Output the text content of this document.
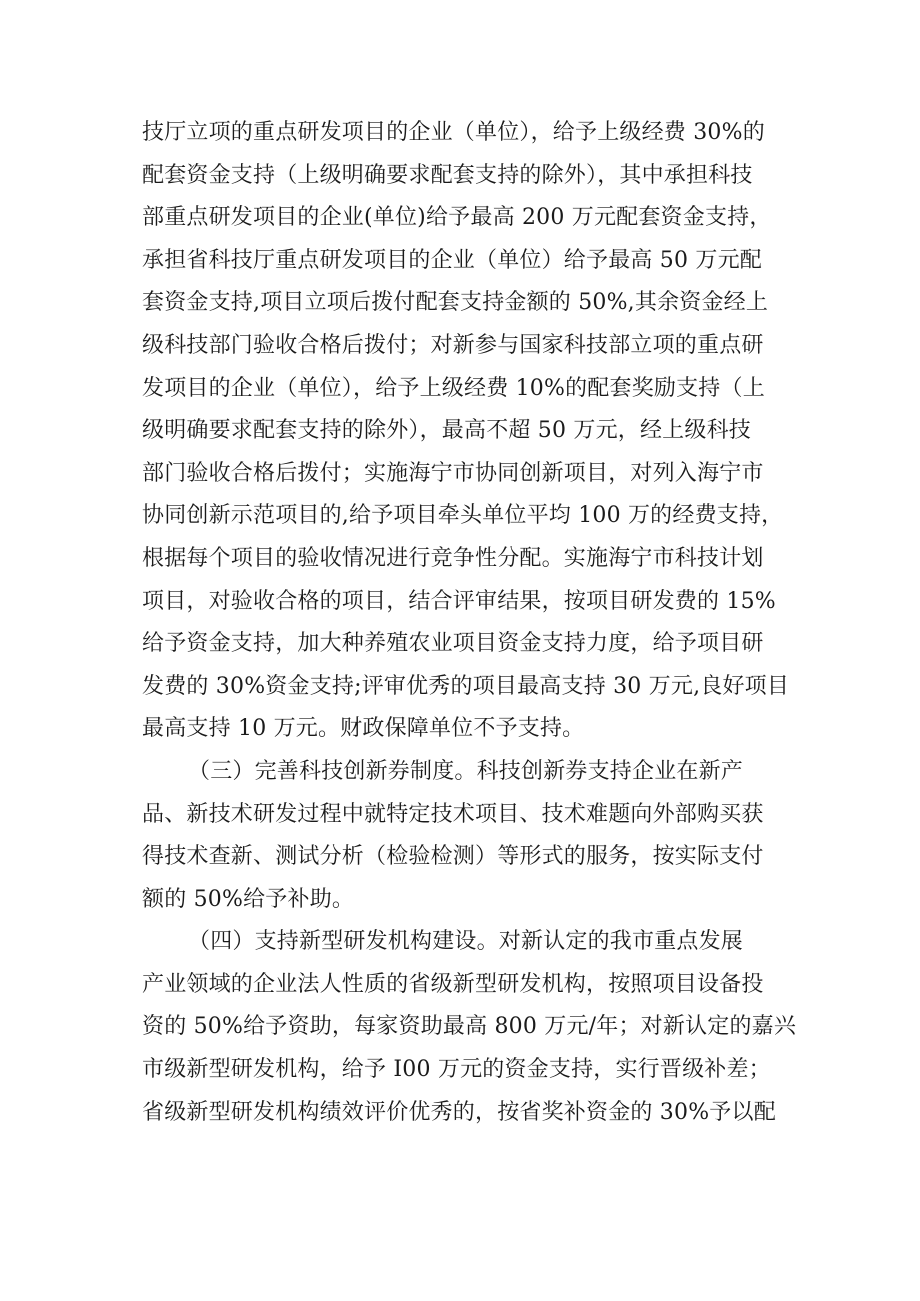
技厅立项的重点研发项目的企业（单位），给予上级经费 30%的
配套资金支持（上级明确要求配套支持的除外），其中承担科技
部重点研发项目的企业(单位)给予最高 200 万元配套资金支持，
承担省科技厅重点研发项目的企业（单位）给予最高 50 万元配
套资金支持,项目立项后拨付配套支持金额的 50%,其余资金经上
级科技部门验收合格后拨付；对新参与国家科技部立项的重点研
发项目的企业（单位），给予上级经费 10%的配套奖励支持（上
级明确要求配套支持的除外），最高不超 50 万元，经上级科技
部门验收合格后拨付；实施海宁市协同创新项目，对列入海宁市
协同创新示范项目的,给予项目牵头单位平均 100 万的经费支持，
根据每个项目的验收情况进行竞争性分配。实施海宁市科技计划
项目，对验收合格的项目，结合评审结果，按项目研发费的 15%
给予资金支持，加大种养殖农业项目资金支持力度，给予项目研
发费的 30%资金支持;评审优秀的项目最高支持 30 万元,良好项目
最高支持 10 万元。财政保障单位不予支持。
（三）完善科技创新券制度。科技创新券支持企业在新产
品、新技术研发过程中就特定技术项目、技术难题向外部购买获
得技术查新、测试分析（检验检测）等形式的服务，按实际支付
额的 50%给予补助。
（四）支持新型研发机构建设。对新认定的我市重点发展
产业领域的企业法人性质的省级新型研发机构，按照项目设备投
资的 50%给予资助，每家资助最高 800 万元/年；对新认定的嘉兴
市级新型研发机构，给予 I00 万元的资金支持，实行晋级补差；
省级新型研发机构绩效评价优秀的，按省奖补资金的 30%予以配
